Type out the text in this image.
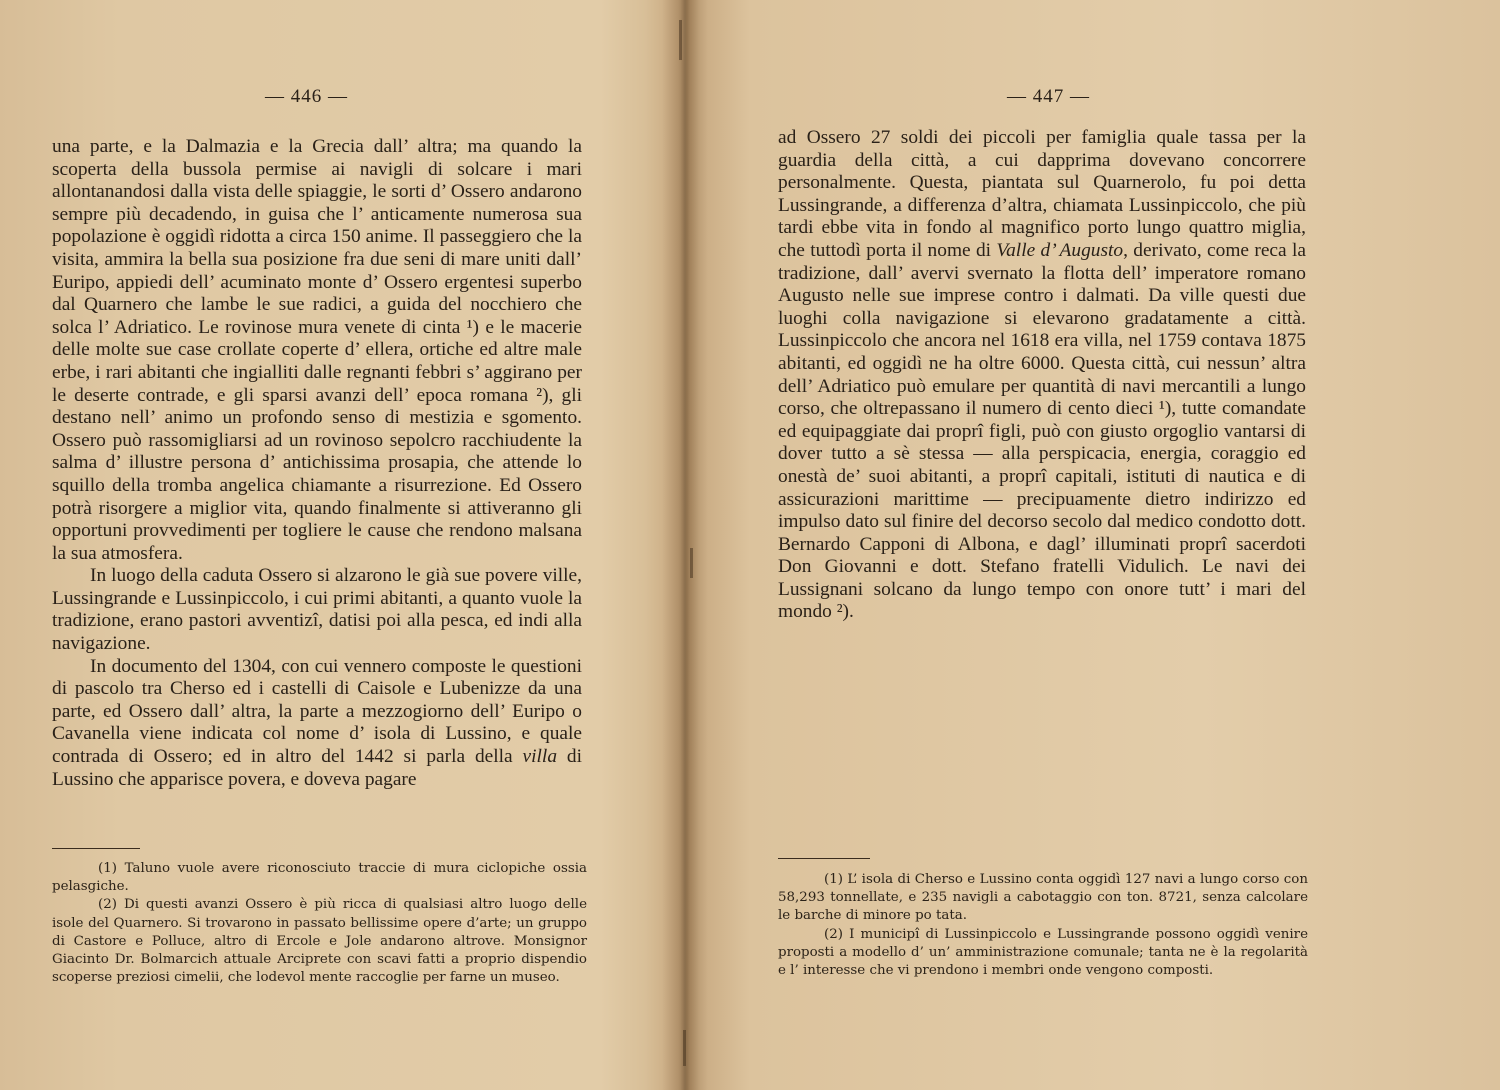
— 446 —

una parte, e la Dalmazia e la Grecia dall’ altra; ma quando la scoperta della bussola permise ai navigli di solcare i mari allontanandosi dalla vista delle spiaggie, le sorti d’ Ossero andarono sempre più decadendo, in guisa che l’ anticamente numerosa sua popolazione è oggidì ridotta a circa 150 anime. Il passeggiero che la visita, ammira la bella sua posizione fra due seni di mare uniti dall’ Euripo, appiedi dell’ acuminato monte d’ Ossero ergentesi superbo dal Quarnero che lambe le sue radici, a guida del nocchiero che solca l’ Adriatico. Le rovinose mura venete di cinta ¹) e le macerie delle molte sue case crollate coperte d’ ellera, ortiche ed altre male erbe, i rari abitanti che ingialliti dalle regnanti febbri s’ aggirano per le deserte contrade, e gli sparsi avanzi dell’ epoca romana ²), gli destano nell’ animo un profondo senso di mestizia e sgomento. Ossero può rassomigliarsi ad un rovinoso sepolcro racchiudente la salma d’ illustre persona d’ antichissima prosapia, che attende lo squillo della tromba angelica chiamante a risurrezione. Ed Ossero potrà risorgere a miglior vita, quando finalmente si attiveranno gli opportuni provvedimenti per togliere le cause che rendono malsana la sua atmosfera.

In luogo della caduta Ossero si alzarono le già sue povere ville, Lussingrande e Lussinpiccolo, i cui primi abitanti, a quanto vuole la tradizione, erano pastori avventizî, datisi poi alla pesca, ed indi alla navigazione.

In documento del 1304, con cui vennero composte le questioni di pascolo tra Cherso ed i castelli di Caisole e Lubenizze da una parte, ed Ossero dall’ altra, la parte a mezzogiorno dell’ Euripo o Cavanella viene indicata col nome d’ isola di Lussino, e quale contrada di Ossero; ed in altro del 1442 si parla della villa di Lussino che apparisce povera, e doveva pagare

(1) Taluno vuole avere riconosciuto traccie di mura ciclopiche ossia pelasgiche.

(2) Di questi avanzi Ossero è più ricca di qualsiasi altro luogo delle isole del Quarnero. Si trovarono in passato bellissime opere d’arte; un gruppo di Castore e Polluce, altro di Ercole e Jole andarono altrove. Monsignor Giacinto Dr. Bolmarcich attuale Arciprete con scavi fatti a proprio dispendio scoperse preziosi cimelii, che lodevol mente raccoglie per farne un museo.

— 447 —

ad Ossero 27 soldi dei piccoli per famiglia quale tassa per la guardia della città, a cui dapprima dovevano concorrere personalmente. Questa, piantata sul Quarnerolo, fu poi detta Lussingrande, a differenza d’altra, chiamata Lussinpiccolo, che più tardi ebbe vita in fondo al magnifico porto lungo quattro miglia, che tuttodì porta il nome di Valle d’ Augusto, derivato, come reca la tradizione, dall’ avervi svernato la flotta dell’ imperatore romano Augusto nelle sue imprese contro i dalmati. Da ville questi due luoghi colla navigazione si elevarono gradatamente a città. Lussinpiccolo che ancora nel 1618 era villa, nel 1759 contava 1875 abitanti, ed oggidì ne ha oltre 6000. Questa città, cui nessun’ altra dell’ Adriatico può emulare per quantità di navi mercantili a lungo corso, che oltrepassano il numero di cento dieci ¹), tutte comandate ed equipaggiate dai proprî figli, può con giusto orgoglio vantarsi di dover tutto a sè stessa — alla perspicacia, energia, coraggio ed onestà de’ suoi abitanti, a proprî capitali, istituti di nautica e di assicurazioni marittime — precipuamente dietro indirizzo ed impulso dato sul finire del decorso secolo dal medico condotto dott. Bernardo Capponi di Albona, e dagl’ illuminati proprî sacerdoti Don Giovanni e dott. Stefano fratelli Vidulich. Le navi dei Lussignani solcano da lungo tempo con onore tutt’ i mari del mondo ²).

(1) L’ isola di Cherso e Lussino conta oggidì 127 navi a lungo corso con 58,293 tonnellate, e 235 navigli a cabotaggio con ton. 8721, senza calcolare le barche di minore po tata.

(2) I municipî di Lussinpiccolo e Lussingrande possono oggidì venire proposti a modello d’ un’ amministrazione comunale; tanta ne è la regolarità e l’ interesse che vi prendono i membri onde vengono composti.
